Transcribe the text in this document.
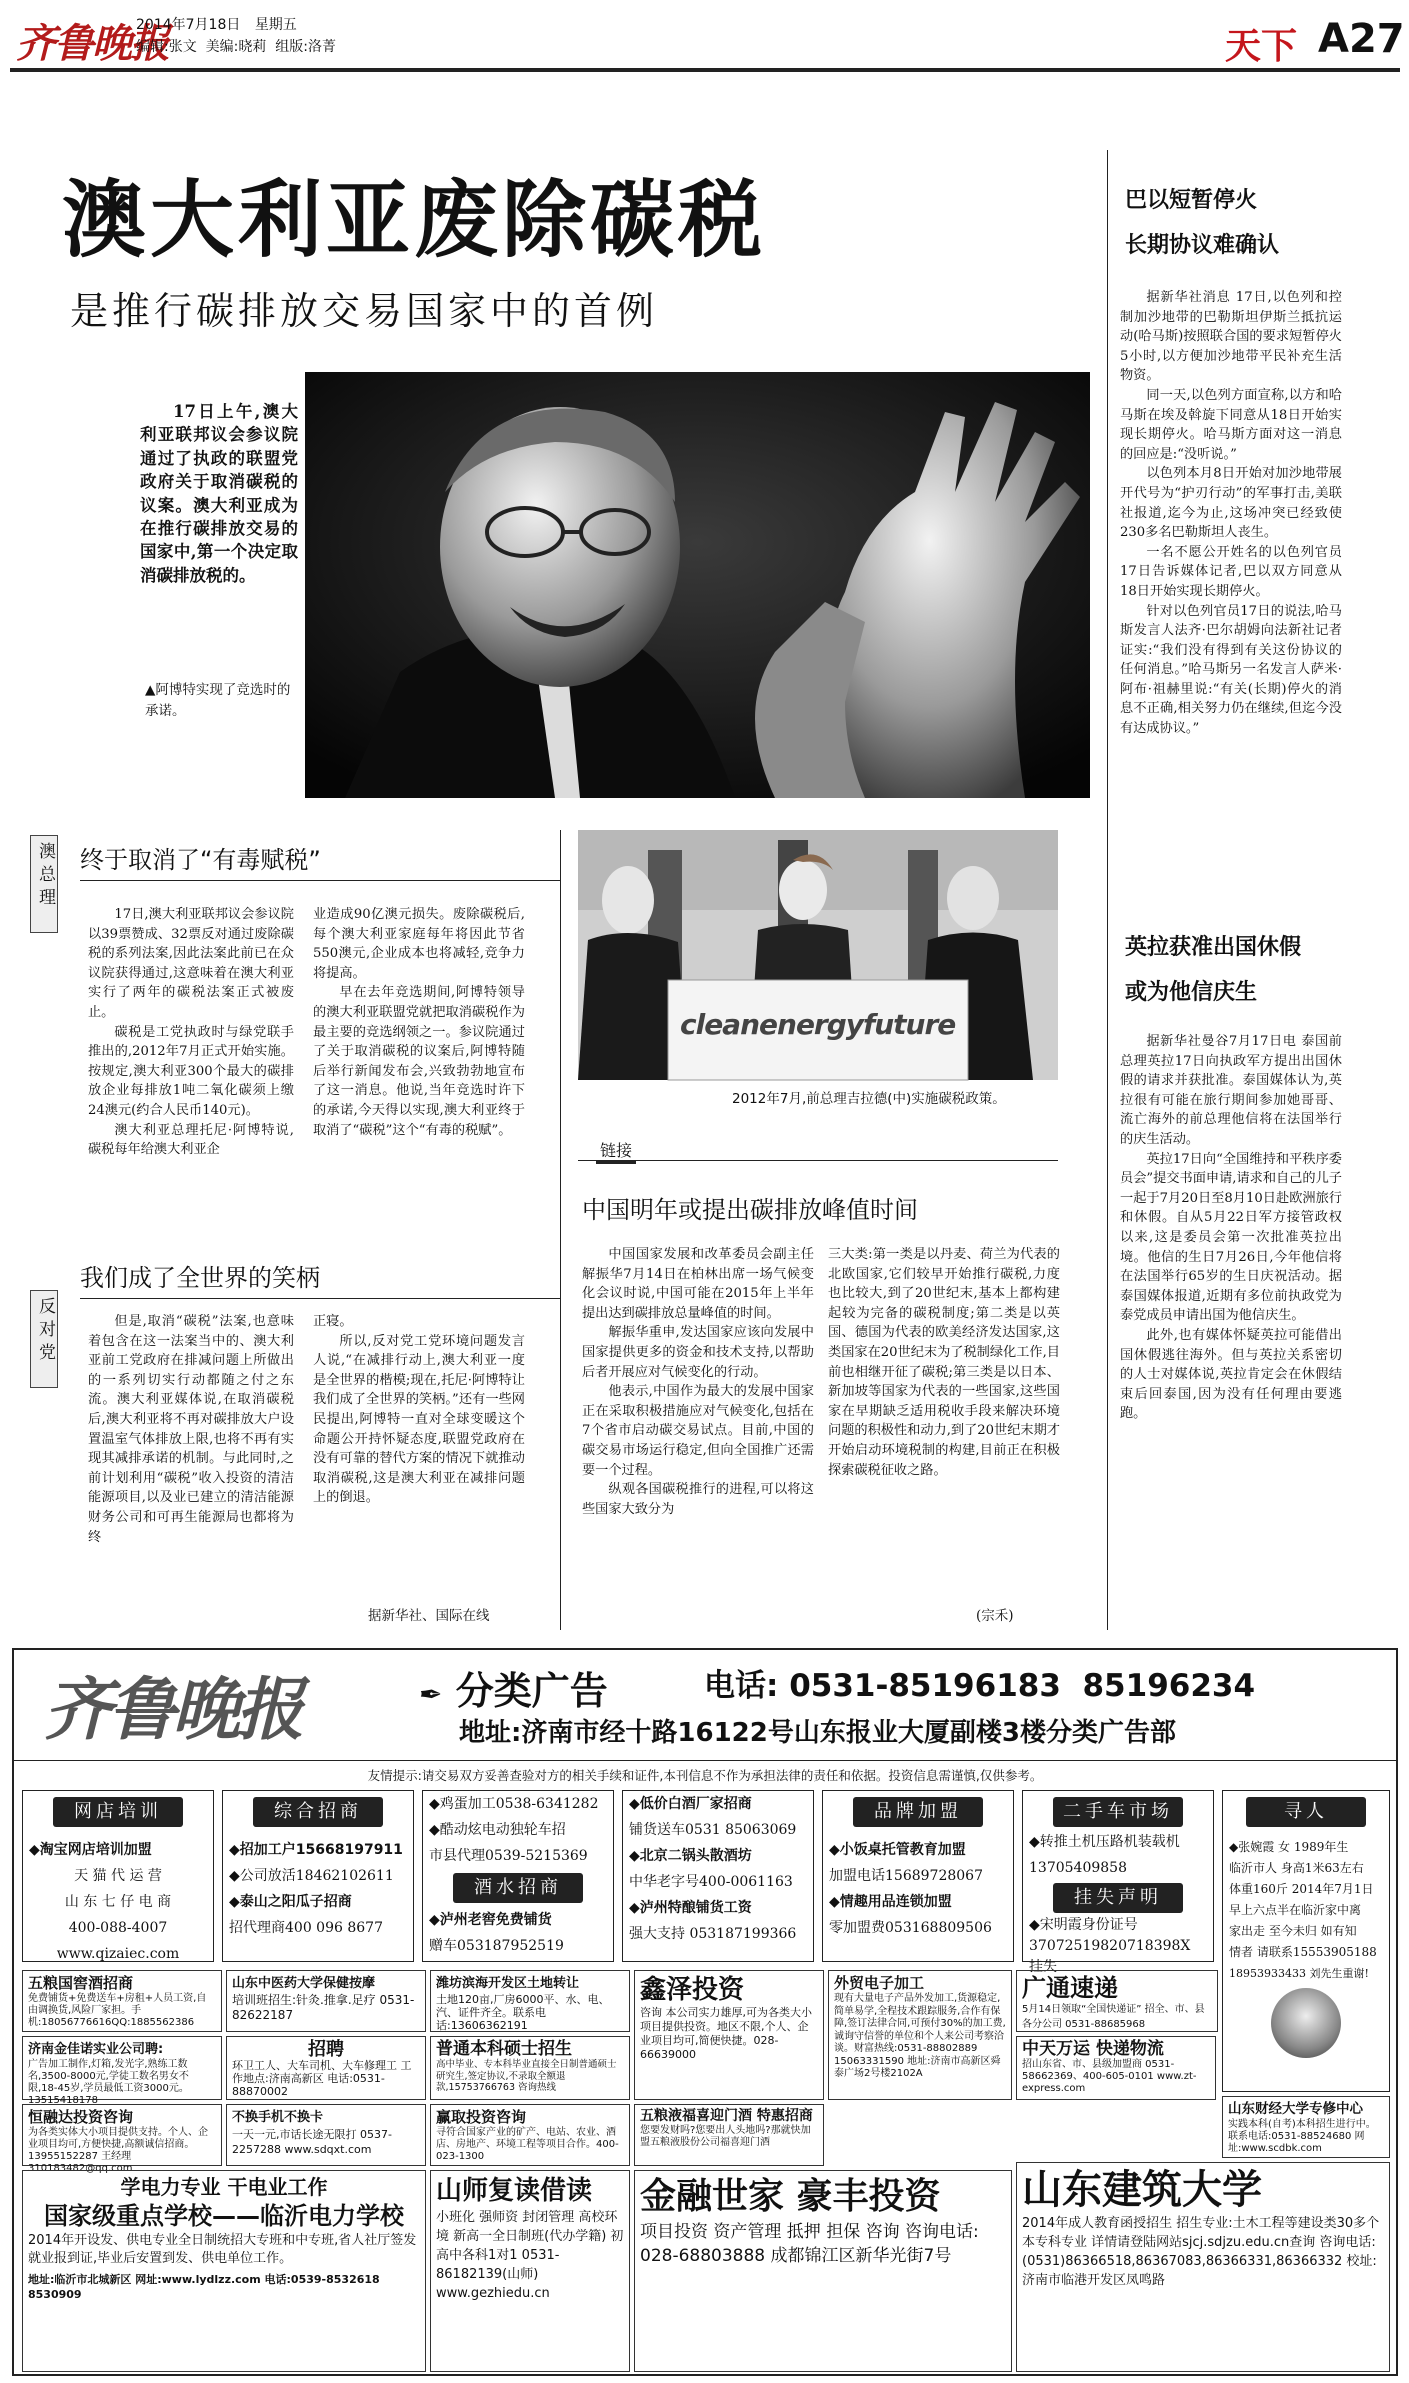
齐鲁晚报
2014年7月18日 星期五
编辑:张文  美编:晓莉  组版:洛菁	天下 A27
澳大利亚废除碳税
是推行碳排放交易国家中的首例
17日上午,澳大利亚联邦议会参议院通过了执政的联盟党政府关于取消碳税的议案。澳大利亚成为在推行碳排放交易的国家中,第一个决定取消碳排放税的。
▲阿博特实现了竞选时的承诺。
澳总理 终于取消了“有毒赋税”

17日,澳大利亚联邦议会参议院以39票赞成、32票反对通过废除碳税的系列法案,因此法案此前已在众议院获得通过,这意味着在澳大利亚实行了两年的碳税法案正式被废止。

碳税是工党执政时与绿党联手推出的,2012年7月正式开始实施。按规定,澳大利亚300个最大的碳排放企业每排放1吨二氧化碳须上缴24澳元(约合人民币140元)。

澳大利亚总理托尼·阿博特说,碳税每年给澳大利亚企

业造成90亿澳元损失。废除碳税后,每个澳大利亚家庭每年将因此节省550澳元,企业成本也将减轻,竞争力将提高。

早在去年竞选期间,阿博特领导的澳大利亚联盟党就把取消碳税作为最主要的竞选纲领之一。参议院通过了关于取消碳税的议案后,阿博特随后举行新闻发布会,兴致勃勃地宣布了这一消息。他说,当年竞选时许下的承诺,今天得以实现,澳大利亚终于取消了“碳税”这个“有毒的税赋”。

反对党
我们成了全世界的笑柄

但是,取消“碳税”法案,也意味着包含在这一法案当中的、澳大利亚前工党政府在排减问题上所做出的一系列切实行动都随之付之东流。澳大利亚媒体说,在取消碳税后,澳大利亚将不再对碳排放大户设置温室气体排放上限,也将不再有实现其减排承诺的机制。与此同时,之前计划利用“碳税”收入投资的清洁能源项目,以及业已建立的清洁能源财务公司和可再生能源局也都将为终

正寝。

所以,反对党工党环境问题发言人说,“在减排行动上,澳大利亚一度是全世界的楷模;现在,托尼·阿博特让我们成了全世界的笑柄。”还有一些网民提出,阿博特一直对全球变暖这个命题公开持怀疑态度,联盟党政府在没有可靠的替代方案的情况下就推动取消碳税,这是澳大利亚在减排问题上的倒退。

据新华社、国际在线
cleanenergyfuture
2012年7月,前总理吉拉德(中)实施碳税政策。
链接
中国明年或提出碳排放峰值时间

中国国家发展和改革委员会副主任解振华7月14日在柏林出席一场气候变化会议时说,中国可能在2015年上半年提出达到碳排放总量峰值的时间。

解振华重申,发达国家应该向发展中国家提供更多的资金和技术支持,以帮助后者开展应对气候变化的行动。

他表示,中国作为最大的发展中国家正在采取积极措施应对气候变化,包括在7个省市启动碳交易试点。目前,中国的碳交易市场运行稳定,但向全国推广还需要一个过程。

纵观各国碳税推行的进程,可以将这些国家大致分为

三大类:第一类是以丹麦、荷兰为代表的北欧国家,它们较早开始推行碳税,力度也比较大,到了20世纪末,基本上都构建起较为完备的碳税制度;第二类是以英国、德国为代表的欧美经济发达国家,这类国家在20世纪末为了税制绿化工作,目前也相继开征了碳税;第三类是以日本、新加坡等国家为代表的一些国家,这些国家在早期缺乏适用税收手段来解决环境问题的积极性和动力,到了20世纪末期才开始启动环境税制的构建,目前正在积极探索碳税征收之路。

(宗禾)
巴以短暂停火
长期协议难确认

据新华社消息 17日,以色列和控制加沙地带的巴勒斯坦伊斯兰抵抗运动(哈马斯)按照联合国的要求短暂停火5小时,以方便加沙地带平民补充生活物资。

同一天,以色列方面宣称,以方和哈马斯在埃及斡旋下同意从18日开始实现长期停火。哈马斯方面对这一消息的回应是:“没听说。”

以色列本月8日开始对加沙地带展开代号为“护刃行动”的军事打击,美联社报道,迄今为止,这场冲突已经致使230多名巴勒斯坦人丧生。

一名不愿公开姓名的以色列官员17日告诉媒体记者,巴以双方同意从18日开始实现长期停火。

针对以色列官员17日的说法,哈马斯发言人法齐·巴尔胡姆向法新社记者证实:“我们没有得到有关这份协议的任何消息。”哈马斯另一名发言人萨米·阿布·祖赫里说:“有关(长期)停火的消息不正确,相关努力仍在继续,但迄今没有达成协议。”

英拉获准出国休假
或为他信庆生

据新华社曼谷7月17日电 泰国前总理英拉17日向执政军方提出出国休假的请求并获批准。泰国媒体认为,英拉很有可能在旅行期间参加她哥哥、流亡海外的前总理他信将在法国举行的庆生活动。

英拉17日向“全国维持和平秩序委员会”提交书面申请,请求和自己的儿子一起于7月20日至8月10日赴欧洲旅行和休假。自从5月22日军方接管政权以来,这是委员会第一次批准英拉出境。他信的生日7月26日,今年他信将在法国举行65岁的生日庆祝活动。据泰国媒体报道,近期有多位前执政党为泰党成员申请出国为他信庆生。

此外,也有媒体怀疑英拉可能借出国休假逃往海外。但与英拉关系密切的人士对媒体说,英拉肯定会在休假结束后回泰国,因为没有任何理由要逃跑。

齐鲁晚报	✒ 分类广告	电话: 0531-85196183  85196234
地址:济南市经十路16122号山东报业大厦副楼3楼分类广告部
友情提示:请交易双方妥善查验对方的相关手续和证件,本刊信息不作为承担法律的责任和依据。投资信息需谨慎,仅供参考。
网店培训
◆淘宝网店培训加盟
天 猫 代 运 营
山 东 七 仔 电 商
400-088-4007
www.qizaiec.com
综合招商
◆招加工户15668197911
◆公司放活18462102611
◆泰山之阳瓜子招商
招代理商400 096 8677
◆鸡蛋加工0538-6341282
◆酷动炫电动独轮车招
市县代理0539-5215369
酒水招商
◆泸州老窖免费铺货
赠车053187952519
◆低价白酒厂家招商
铺货送车0531 85063069
◆北京二锅头散酒坊
中华老字号400-0061163
◆泸州特酿铺货工资
强大支持 053187199366
品牌加盟
◆小饭桌托管教育加盟
加盟电话15689728067
◆情趣用品连锁加盟
零加盟费053168809506
二手车市场
◆转推土机压路机装载机
13705409858
挂失声明
◆宋明霞身份证号
37072519820718398X
挂失
寻人
◆张婉霞 女 1989年生
临沂市人 身高1米63左右
体重160斤 2014年7月1日
早上六点半在临沂家中离
家出走 至今未归 如有知
情者 请联系15553905188
18953933433 刘先生重谢!
五粮国窖酒招商
免费铺货+免费送车+房租+人员工资,自由调换货,风险厂家担。手机:18056776616QQ:1885562386
山东中医药大学保健按摩
培训班招生:针灸.推拿.足疗 0531-82622187
潍坊滨海开发区土地转让
土地120亩,厂房6000平、水、电、汽、证件齐全。联系电话:13606362191
鑫泽投资
咨询 本公司实力雄厚,可为各类大小项目提供投资。地区不限,个人、企业项目均可,简便快捷。028-66639000
外贸电子加工
现有大量电子产品外发加工,货源稳定,简单易学,全程技术跟踪服务,合作有保障,签订法律合同,可预付30%的加工费,诚询守信誉的单位和个人来公司考察洽谈。财富热线:0531-88802889 15063331590 地址:济南市高新区舜泰广场2号楼2102A
广通速递
5月14日领取“全国快递证” 招全、市、县各分公司 0531-88685968
济南金佳诺实业公司聘:
广告加工制作,灯箱,发光字,熟练工数名,3500-8000元,学徒工数名男女不限,18-45岁,学员最低工资3000元。13515418178
招聘
环卫工人、大车司机、大车修理工 工作地点:济南高新区 电话:0531-88870002
普通本科硕士招生
高中毕业、专本科毕业直接全日制普通硕士研究生,签定协议,不录取全额退款,15753766763 咨询热线
中天万运 快递物流
招山东省、市、县级加盟商 0531-58662369、400-605-0101 www.zt-express.com
山东财经大学专修中心
实践本科(自考)本科招生进行中。联系电话:0531-88524680 网址:www.scdbk.com
恒融达投资咨询
为各类实体大小项目提供支持。个人、企业项目均可,方便快捷,高额诚信招商。13955152287 王经理 310183482@qq.com
不换手机不换卡
一天一元,市话长途无限打 0537-2257288 www.sdqxt.com
赢取投资咨询
寻符合国家产业的矿产、电站、农业、酒店、房地产、环境工程等项目合作。400-023-1300
五粮液福喜迎门酒 特惠招商
您要发财吗?您要出人头地吗?那就快加盟五粮液股份公司福喜迎门酒
山东建筑大学
2014年成人教育函授招生 招生专业:土木工程等建设类30多个本专科专业 详情请登陆网站sjcj.sdjzu.edu.cn查询 咨询电话:(0531)86366518,86367083,86366331,86366332 校址:济南市临港开发区凤鸣路
学电力专业 干电业工作
国家级重点学校——临沂电力学校
2014年开设发、供电专业全日制统招大专班和中专班,省人社厅签发就业报到证,毕业后安置到发、供电单位工作。
地址:临沂市北城新区 网址:www.lydlzz.com 电话:0539-8532618 8530909
山师复读借读
小班化 强师资 封闭管理 高校环境 新高一全日制班(代办学籍) 初高中各科1对1 0531-86182139(山师) www.gezhiedu.cn
金融世家 豪丰投资
项目投资 资产管理 抵押 担保 咨询 咨询电话: 028-68803888 成都锦江区新华光街7号
